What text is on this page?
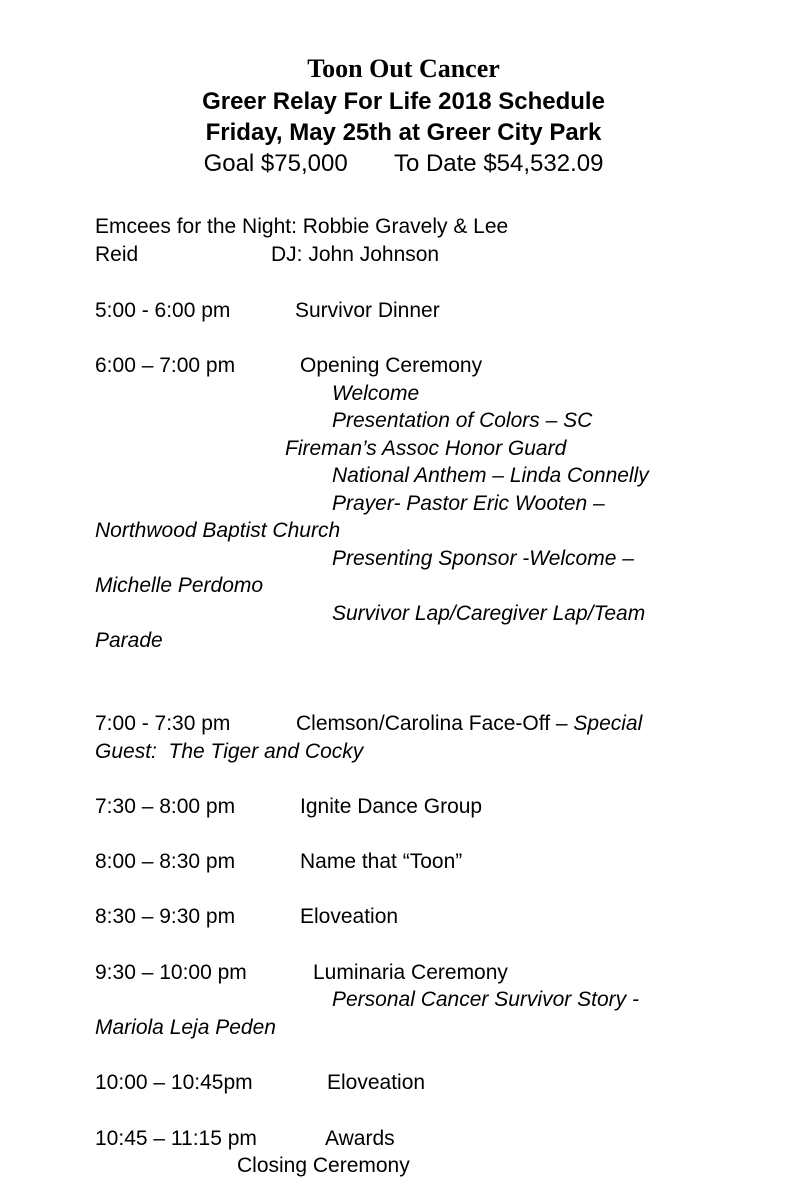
Toon Out Cancer
Greer Relay For Life 2018 Schedule
Friday, May 25th at Greer City Park
Goal $75,000 To Date $54,532.09
Emcees for the Night: Robbie Gravely & Lee
Reid	DJ: John Johnson
5:00 - 6:00 pm	Survivor Dinner
6:00 – 7:00 pm	Opening Ceremony
Welcome
Presentation of Colors – SC
Fireman’s Assoc Honor Guard
National Anthem – Linda Connelly
Prayer- Pastor Eric Wooten –
Northwood Baptist Church
Presenting Sponsor -Welcome –
Michelle Perdomo
Survivor Lap/Caregiver Lap/Team
Parade
7:00 - 7:30 pm	Clemson/Carolina Face-Off – Special
Guest:  The Tiger and Cocky
7:30 – 8:00 pm	Ignite Dance Group
8:00 – 8:30 pm	Name that “Toon”
8:30 – 9:30 pm	Eloveation
9:30 – 10:00 pm	Luminaria Ceremony
Personal Cancer Survivor Story -
Mariola Leja Peden
10:00 – 10:45pm	Eloveation
10:45 – 11:15 pm	Awards
Closing Ceremony
